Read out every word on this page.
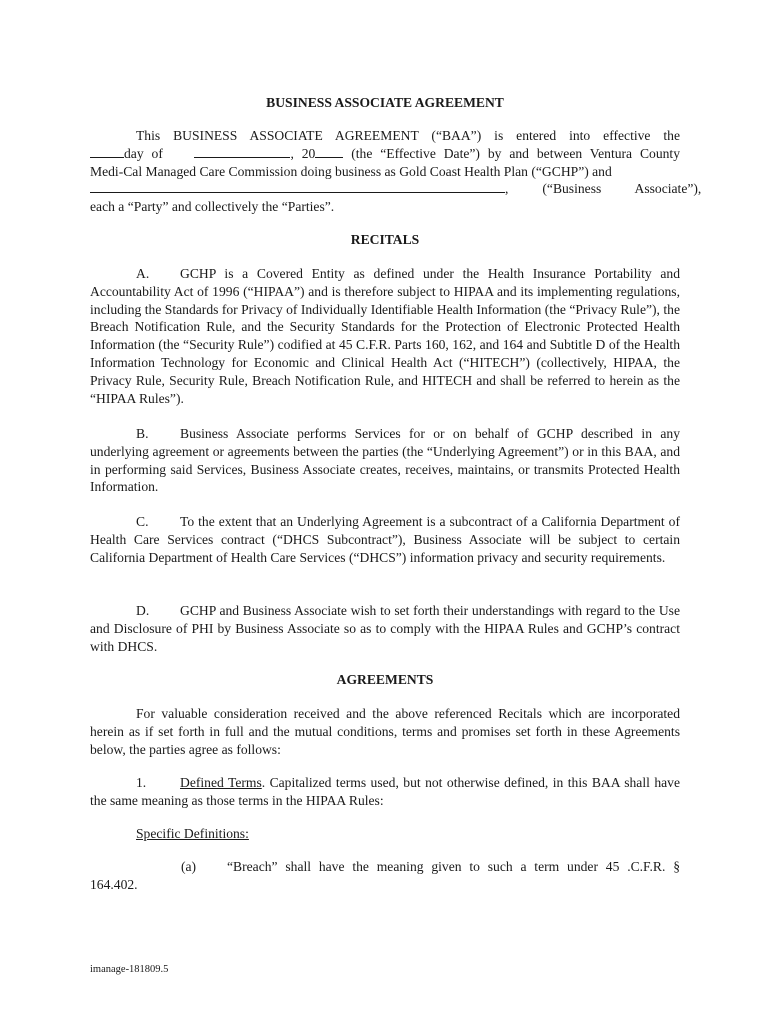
BUSINESS ASSOCIATE AGREEMENT

This BUSINESS ASSOCIATE AGREEMENT (“BAA”) is entered into effective the
day of	, 20 (the “Effective Date”) by and between Ventura County
Medi-Cal Managed Care Commission doing business as Gold Coast Health Plan (“GCHP”) and
,          (“Business          Associate”),
each a “Party” and collectively the “Parties”.

RECITALS

A. GCHP is a Covered Entity as defined under the Health Insurance Portability and Accountability Act of 1996 (“HIPAA”) and is therefore subject to HIPAA and its implementing regulations, including the Standards for Privacy of Individually Identifiable Health Information (the “Privacy Rule”), the Breach Notification Rule, and the Security Standards for the Protection of Electronic Protected Health Information (the “Security Rule”) codified at 45 C.F.R. Parts 160, 162, and 164 and Subtitle D of the Health Information Technology for Economic and Clinical Health Act (“HITECH”) (collectively, HIPAA, the Privacy Rule, Security Rule, Breach Notification Rule, and HITECH and shall be referred to herein as the “HIPAA Rules”).
B. Business Associate performs Services for or on behalf of GCHP described in any underlying agreement or agreements between the parties (the “Underlying Agreement”) or in this BAA, and in performing said Services, Business Associate creates, receives, maintains, or transmits Protected Health Information.
C. To the extent that an Underlying Agreement is a subcontract of a California Department of Health Care Services contract (“DHCS Subcontract”), Business Associate will be subject to certain California Department of Health Care Services (“DHCS”) information privacy and security requirements.
D. GCHP and Business Associate wish to set forth their understandings with regard to the Use and Disclosure of PHI by Business Associate so as to comply with the HIPAA Rules and GCHP’s contract with DHCS.

AGREEMENTS

For valuable consideration received and the above referenced Recitals which are incorporated herein as if set forth in full and the mutual conditions, terms and promises set forth in these Agreements below, the parties agree as follows:
1. Defined Terms. Capitalized terms used, but not otherwise defined, in this BAA shall have the same meaning as those terms in the HIPAA Rules:
Specific Definitions:
(a)	“Breach” shall have the meaning given to such a term under 45 .C.F.R. §
164.402.
imanage-181809.5
